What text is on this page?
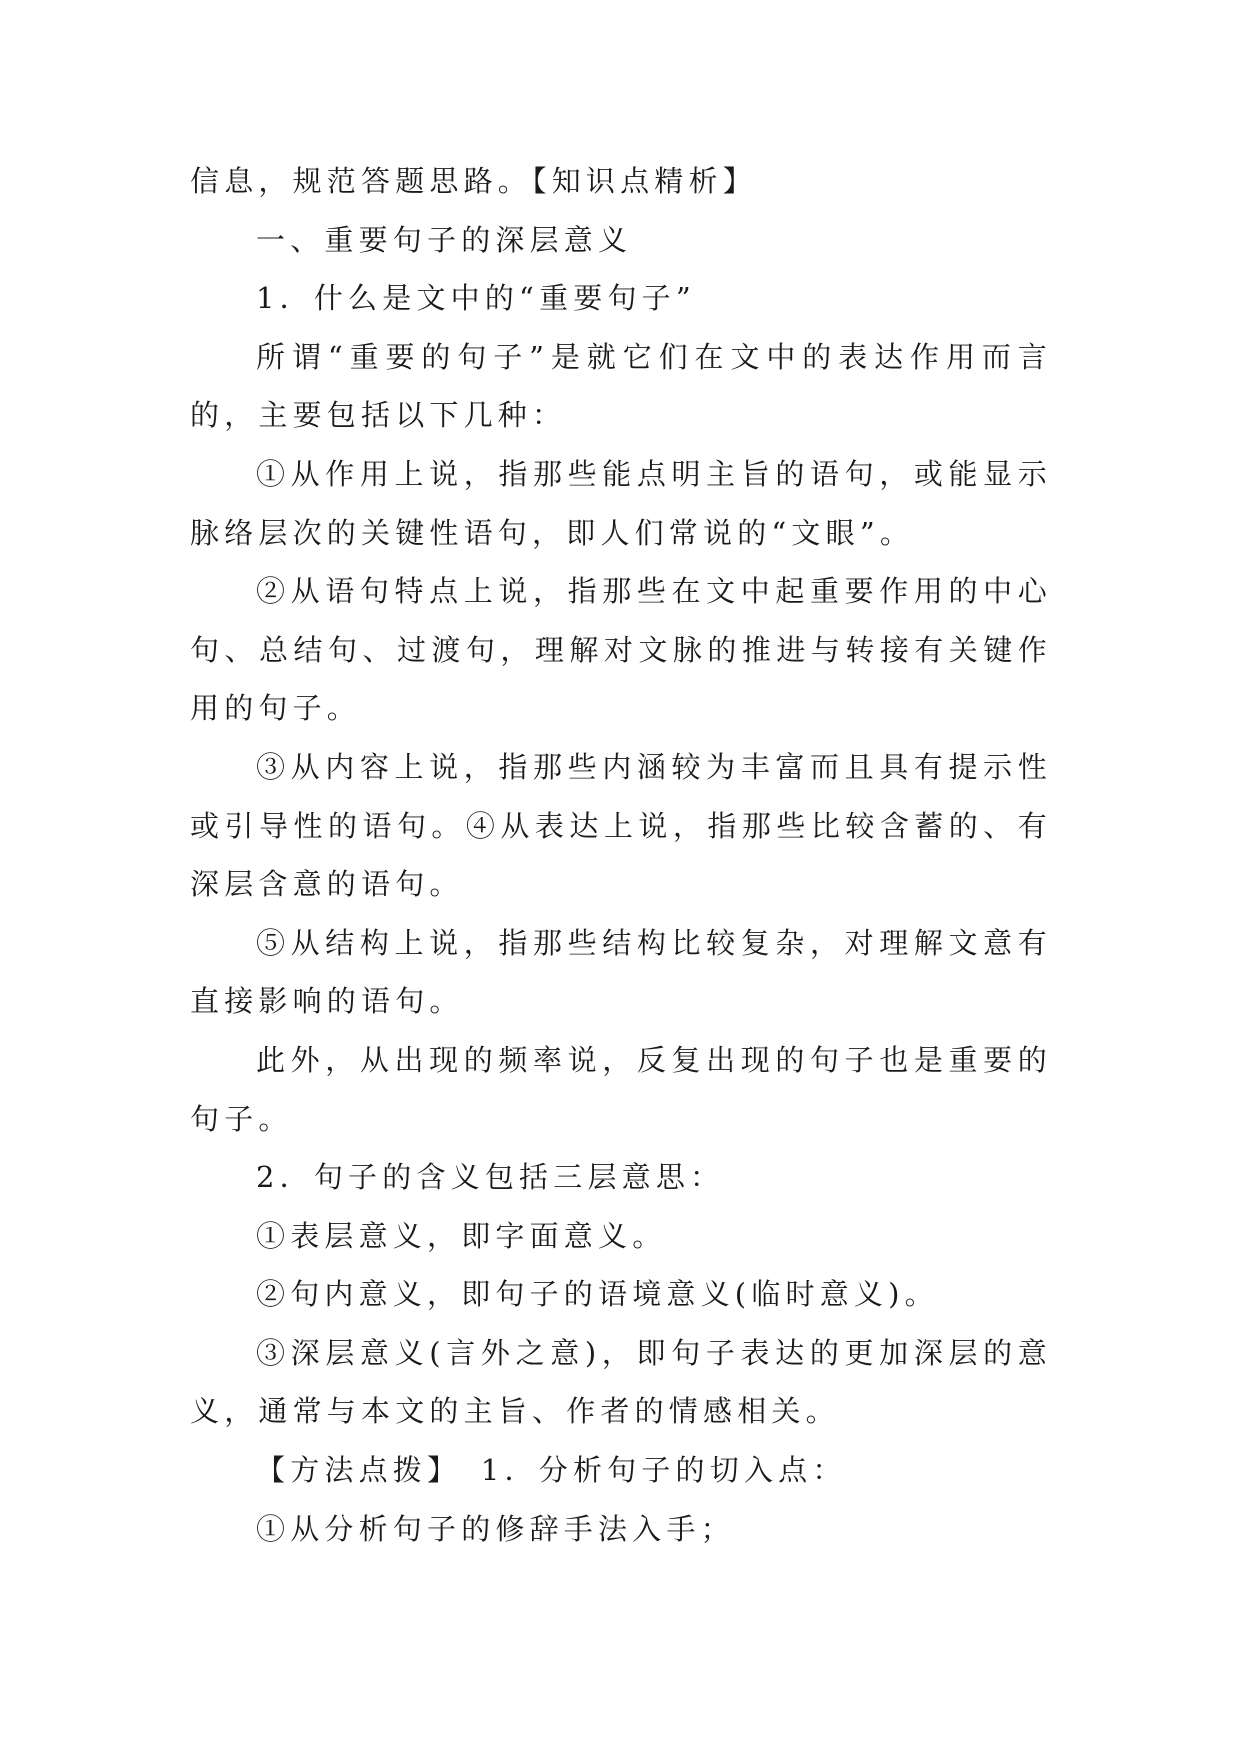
信息，规范答题思路。【知识点精析】

一、重要句子的深层意义

1．什么是文中的“重要句子”

所谓“重要的句子”是就它们在文中的表达作用而言的，主要包括以下几种：

①从作用上说，指那些能点明主旨的语句，或能显示脉络层次的关键性语句，即人们常说的“文眼”。

②从语句特点上说，指那些在文中起重要作用的中心句、总结句、过渡句，理解对文脉的推进与转接有关键作用的句子。

③从内容上说，指那些内涵较为丰富而且具有提示性或引导性的语句。④从表达上说，指那些比较含蓄的、有深层含意的语句。

⑤从结构上说，指那些结构比较复杂，对理解文意有直接影响的语句。

此外，从出现的频率说，反复出现的句子也是重要的句子。

2．句子的含义包括三层意思：

①表层意义，即字面意义。

②句内意义，即句子的语境意义(临时意义)。

③深层意义(言外之意)，即句子表达的更加深层的意义，通常与本文的主旨、作者的情感相关。

【方法点拨】　1．分析句子的切入点：

①从分析句子的修辞手法入手；
